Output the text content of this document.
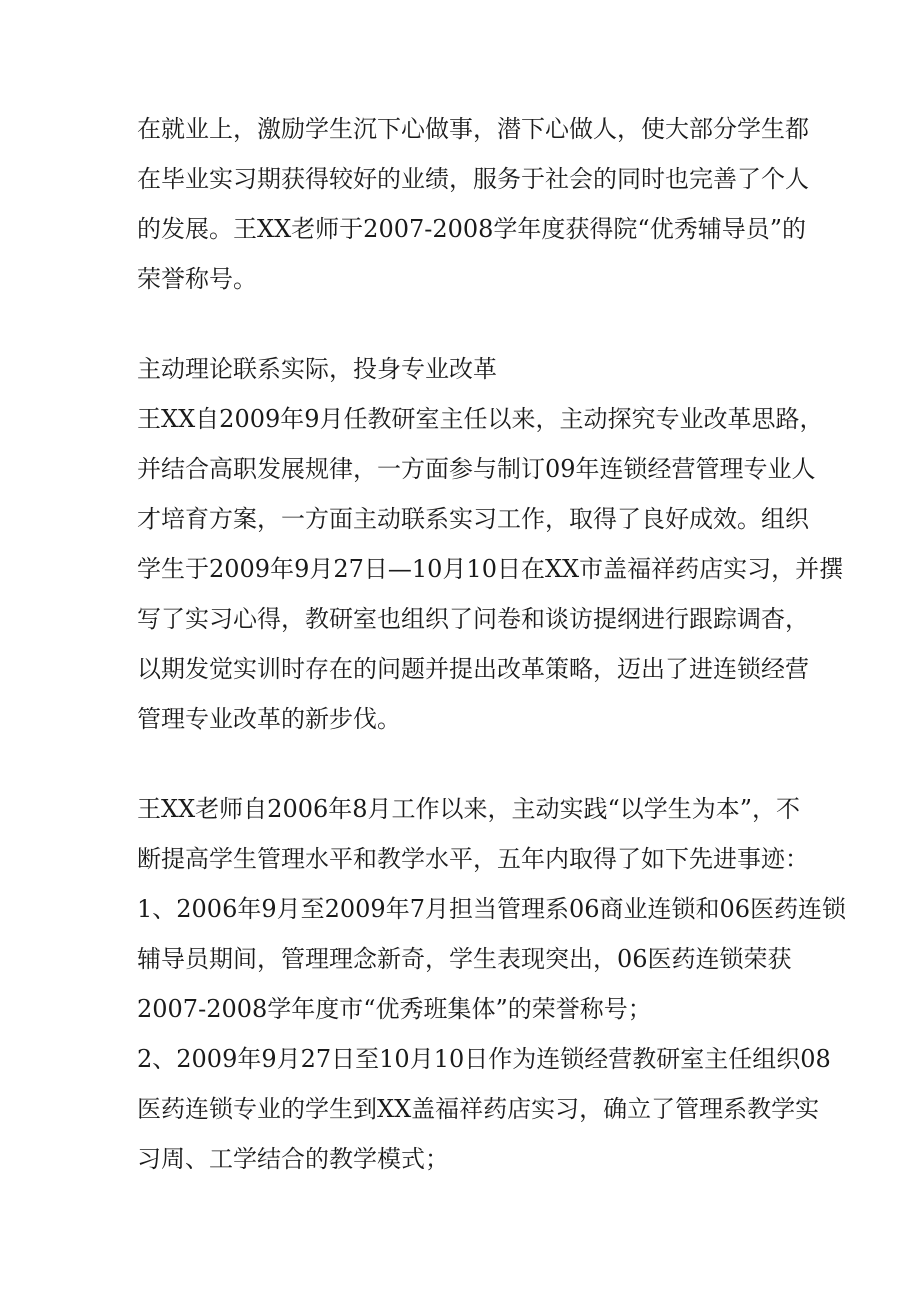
在就业上，激励学生沉下心做事，潜下心做人，使大部分学生都
在毕业实习期获得较好的业绩，服务于社会的同时也完善了个人
的发展。王XX老师于2007-2008学年度获得院“优秀辅导员”的
荣誉称号。
主动理论联系实际，投身专业改革
王XX自2009年9月任教研室主任以来，主动探究专业改革思路，
并结合高职发展规律，一方面参与制订09年连锁经营管理专业人
才培育方案，一方面主动联系实习工作，取得了良好成效。组织
学生于2009年9月27日—10月10日在XX市盖福祥药店实习，并撰
写了实习心得，教研室也组织了问卷和谈访提纲进行跟踪调杳，
以期发觉实训时存在的问题并提出改革策略，迈出了进连锁经营
管理专业改革的新步伐。
王XX老师自2006年8月工作以来，主动实践“以学生为本”，不
断提高学生管理水平和教学水平，五年内取得了如下先进事迹：
1、2006年9月至2009年7月担当管理系06商业连锁和06医药连锁
辅导员期间，管理理念新奇，学生表现突出，06医药连锁荣获
2007-2008学年度市“优秀班集体”的荣誉称号；
2、2009年9月27日至10月10日作为连锁经营教研室主任组织08
医药连锁专业的学生到XX盖福祥药店实习，确立了管理系教学实
习周、工学结合的教学模式；
